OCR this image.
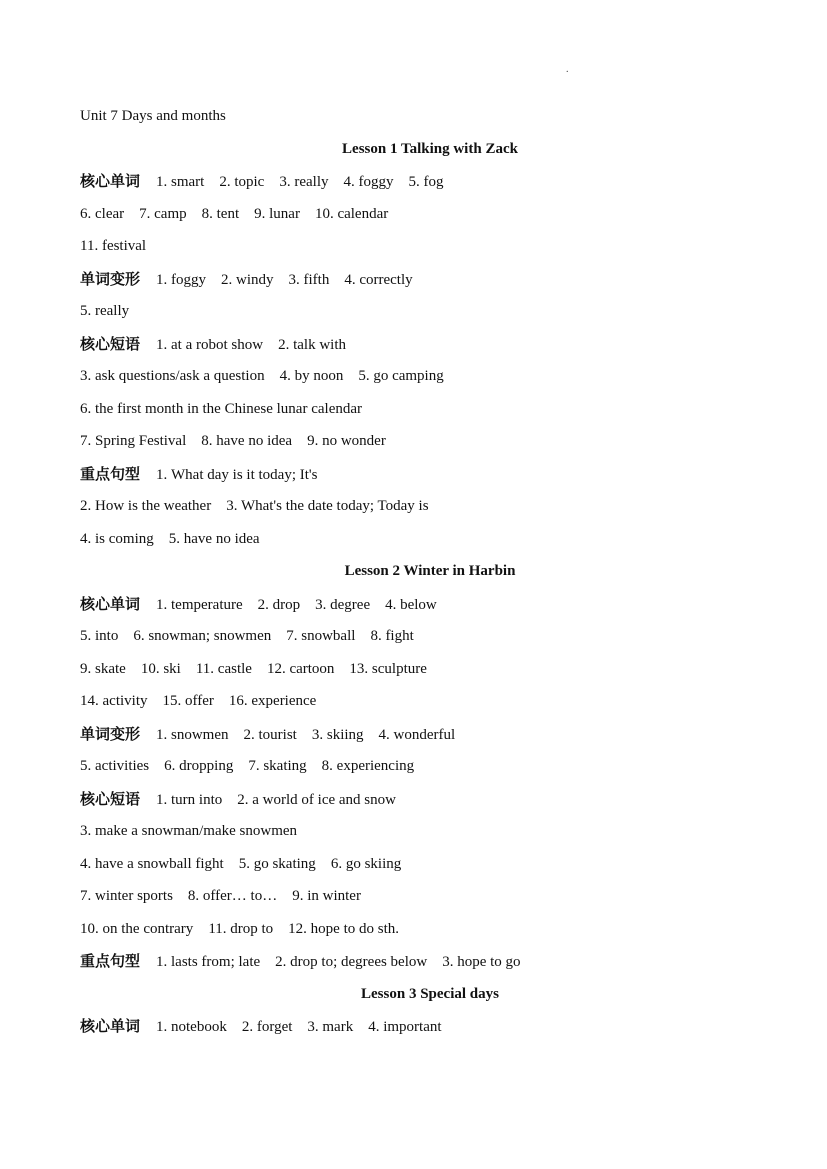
.
Unit 7 Days and months
Lesson 1 Talking with Zack
核心单词 1. smart 2. topic 3. really 4. foggy 5. fog
6. clear 7. camp 8. tent 9. lunar 10. calendar
11. festival
单词变形 1. foggy 2. windy 3. fifth 4. correctly
5. really
核心短语 1. at a robot show 2. talk with
3. ask questions/ask a question 4. by noon 5. go camping
6. the first month in the Chinese lunar calendar
7. Spring Festival 8. have no idea 9. no wonder
重点句型 1. What day is it today; It's
2. How is the weather 3. What's the date today; Today is
4. is coming 5. have no idea
Lesson 2 Winter in Harbin
核心单词 1. temperature 2. drop 3. degree 4. below
5. into 6. snowman; snowmen 7. snowball 8. fight
9. skate 10. ski 11. castle 12. cartoon 13. sculpture
14. activity 15. offer 16. experience
单词变形 1. snowmen 2. tourist 3. skiing 4. wonderful
5. activities 6. dropping 7. skating 8. experiencing
核心短语 1. turn into 2. a world of ice and snow
3. make a snowman/make snowmen
4. have a snowball fight 5. go skating 6. go skiing
7. winter sports 8. offer… to… 9. in winter
10. on the contrary 11. drop to 12. hope to do sth.
重点句型 1. lasts from; late 2. drop to; degrees below 3. hope to go
Lesson 3 Special days
核心单词 1. notebook 2. forget 3. mark 4. important
